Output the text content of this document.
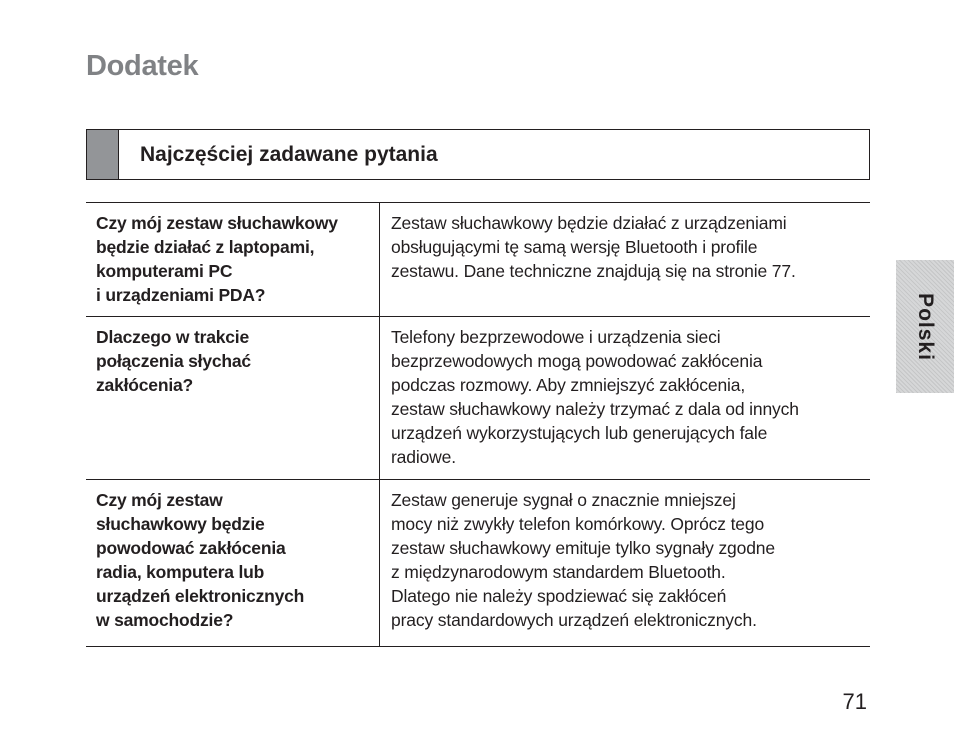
Dodatek
Najczęściej zadawane pytania
Czy mój zestaw słuchawkowy
będzie działać z laptopami,
komputerami PC
i urządzeniami PDA?
Zestaw słuchawkowy będzie działać z urządzeniami
obsługującymi tę samą wersję Bluetooth i profile
zestawu. Dane techniczne znajdują się na stronie 77.
Dlaczego w trakcie
połączenia słychać
zakłócenia?
Telefony bezprzewodowe i urządzenia sieci
bezprzewodowych mogą powodować zakłócenia
podczas rozmowy. Aby zmniejszyć zakłócenia,
zestaw słuchawkowy należy trzymać z dala od innych
urządzeń wykorzystujących lub generujących fale
radiowe.
Czy mój zestaw
słuchawkowy będzie
powodować zakłócenia
radia, komputera lub
urządzeń elektronicznych
w samochodzie?
Zestaw generuje sygnał o znacznie mniejszej
mocy niż zwykły telefon komórkowy. Oprócz tego
zestaw słuchawkowy emituje tylko sygnały zgodne
z międzynarodowym standardem Bluetooth.
Dlatego nie należy spodziewać się zakłóceń
pracy standardowych urządzeń elektronicznych.
Polski
71
